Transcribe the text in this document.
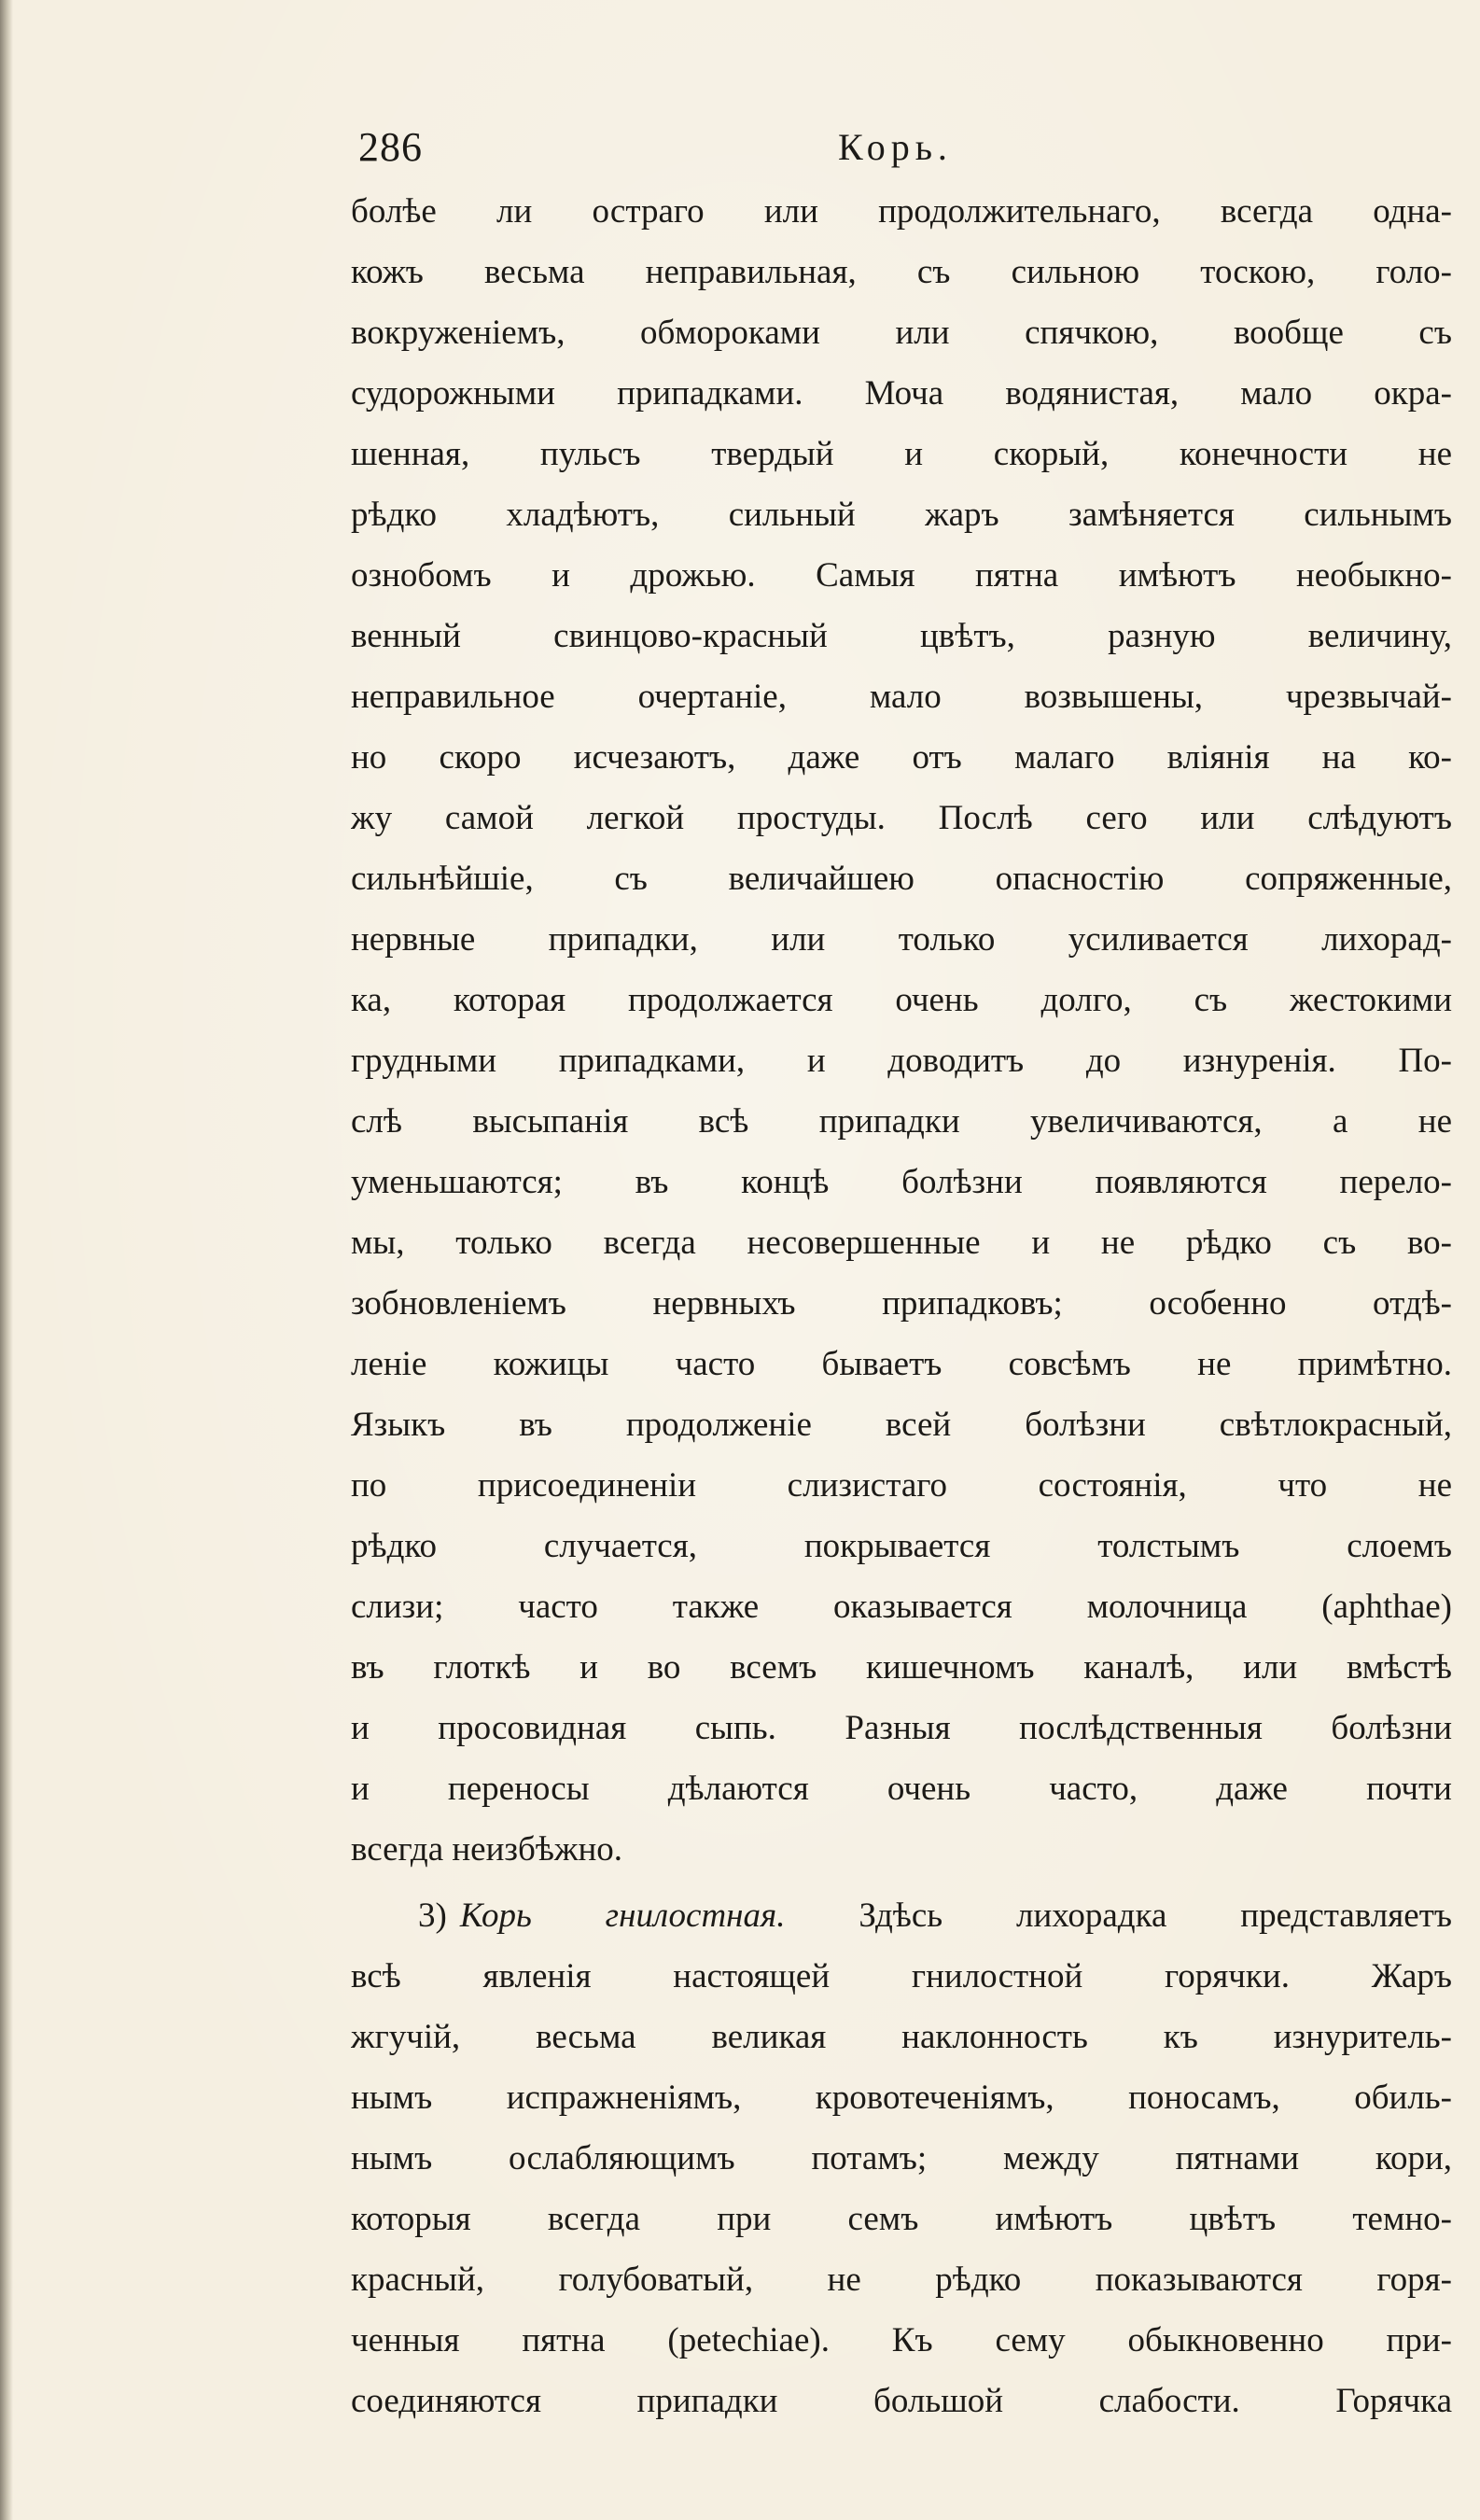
286	Корь.
болѣе ли остраго или продолжительнаго, всегда одна-
кожъ весьма неправильная, съ сильною тоскою, голо-
вокруженіемъ, обмороками или спячкою, вообще съ
судорожными припадками. Моча водянистая, мало окра-
шенная, пульсъ твердый и скорый, конечности не
рѣдко хладѣютъ, сильный жаръ замѣняется сильнымъ
ознобомъ и дрожью. Самыя пятна имѣютъ необыкно-
венный свинцово-красный цвѣтъ, разную величину,
неправильное очертаніе, мало возвышены, чрезвычай-
но скоро исчезаютъ, даже отъ малаго вліянія на ко-
жу самой легкой простуды. Послѣ сего или слѣдуютъ
сильнѣйшіе, съ величайшею опасностію сопряженные,
нервные припадки, или только усиливается лихорад-
ка, которая продолжается очень долго, съ жестокими
грудными припадками, и доводитъ до изнуренія. По-
слѣ высыпанія всѣ припадки увеличиваются, а не
уменьшаются; въ концѣ болѣзни появляются перело-
мы, только всегда несовершенные и не рѣдко съ во-
зобновленіемъ нервныхъ припадковъ; особенно отдѣ-
леніе кожицы часто бываетъ совсѣмъ не примѣтно.
Языкъ въ продолженіе всей болѣзни свѣтлокрасный,
по присоединеніи слизистаго состоянія, что не
рѣдко случается, покрывается толстымъ слоемъ
слизи; часто также оказывается молочница (aphthae)
въ глоткѣ и во всемъ кишечномъ каналѣ, или вмѣстѣ
и просовидная сыпь. Разныя послѣдственныя болѣзни
и переносы дѣлаются очень часто, даже почти
всегда неизбѣжно.
3) Корь гнилостная. Здѣсь лихорадка представляетъ
всѣ явленія настоящей гнилостной горячки. Жаръ
жгучій, весьма великая наклонность къ изнуритель-
нымъ испражненіямъ, кровотеченіямъ, поносамъ, обиль-
нымъ ослабляющимъ потамъ; между пятнами кори,
которыя всегда при семъ имѣютъ цвѣтъ темно-
красный, голубоватый, не рѣдко показываются горя-
ченныя пятна (petechiae). Къ сему обыкновенно при-
соединяются припадки большой слабости. Горячка
